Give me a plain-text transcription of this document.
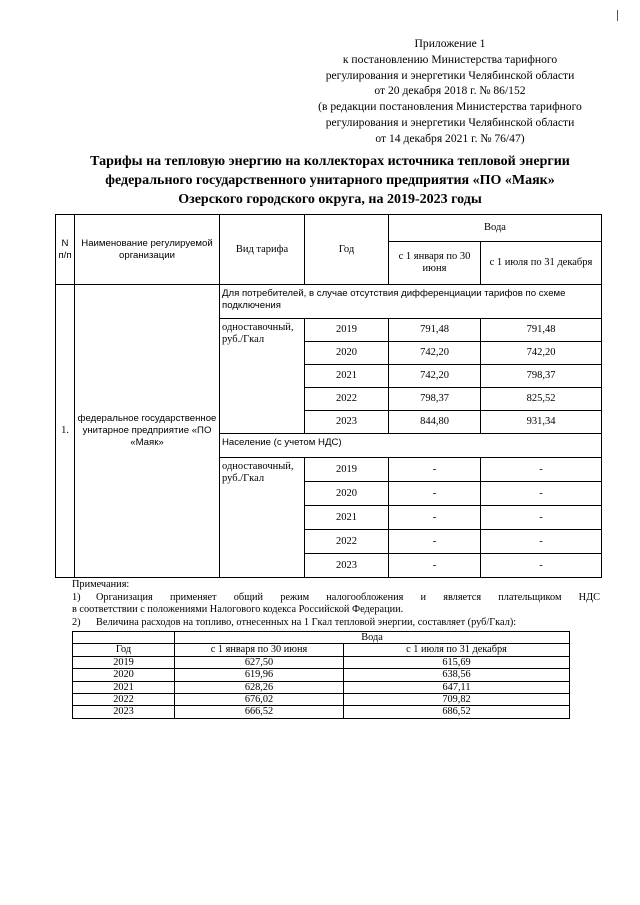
Приложение 1
к постановлению Министерства тарифного
регулирования и энергетики Челябинской области
от 20 декабря 2018 г. № 86/152
(в редакции постановления Министерства тарифного
регулирования и энергетики Челябинской области
от 14 декабря 2021 г. № 76/47)
Тарифы на тепловую энергию на коллекторах источника тепловой энергии
федерального государственного унитарного предприятия «ПО «Маяк»
Озерского городского округа, на 2019-2023 годы
N п/п	Наименование регулируемой организации	Вид тарифа	Год	Вода	
				с 1 января по 30 июня	с 1 июля по 31 декабря
1.	федеральное государственное унитарное предприятие «ПО «Маяк»	Для потребителей, в случае отсутствия дифференциации тарифов по схеме подключения			
		одноставочный, руб./Гкал	2019	791,48	791,48
			2020	742,20	742,20
			2021	742,20	798,37
			2022	798,37	825,52
			2023	844,80	931,34
		Население (с учетом НДС)			
		одноставочный, руб./Гкал	2019	-	-
			2020	-	-
			2021	-	-
			2022	-	-
			2023	-	-
Примечания:
1)	Организация применяет общий режим налогообложения и является плательщиком НДС
в соответствии с положениями Налогового кодекса Российской Федерации.
2)	Величина расходов на топливо, отнесенных на 1 Гкал тепловой энергии, составляет (руб/Гкал):
	Вода	
Год	с 1 января по 30 июня	с 1 июля по 31 декабря
2019	627,50	615,69
2020	619,96	638,56
2021	628,26	647,11
2022	676,02	709,82
2023	666,52	686,52
